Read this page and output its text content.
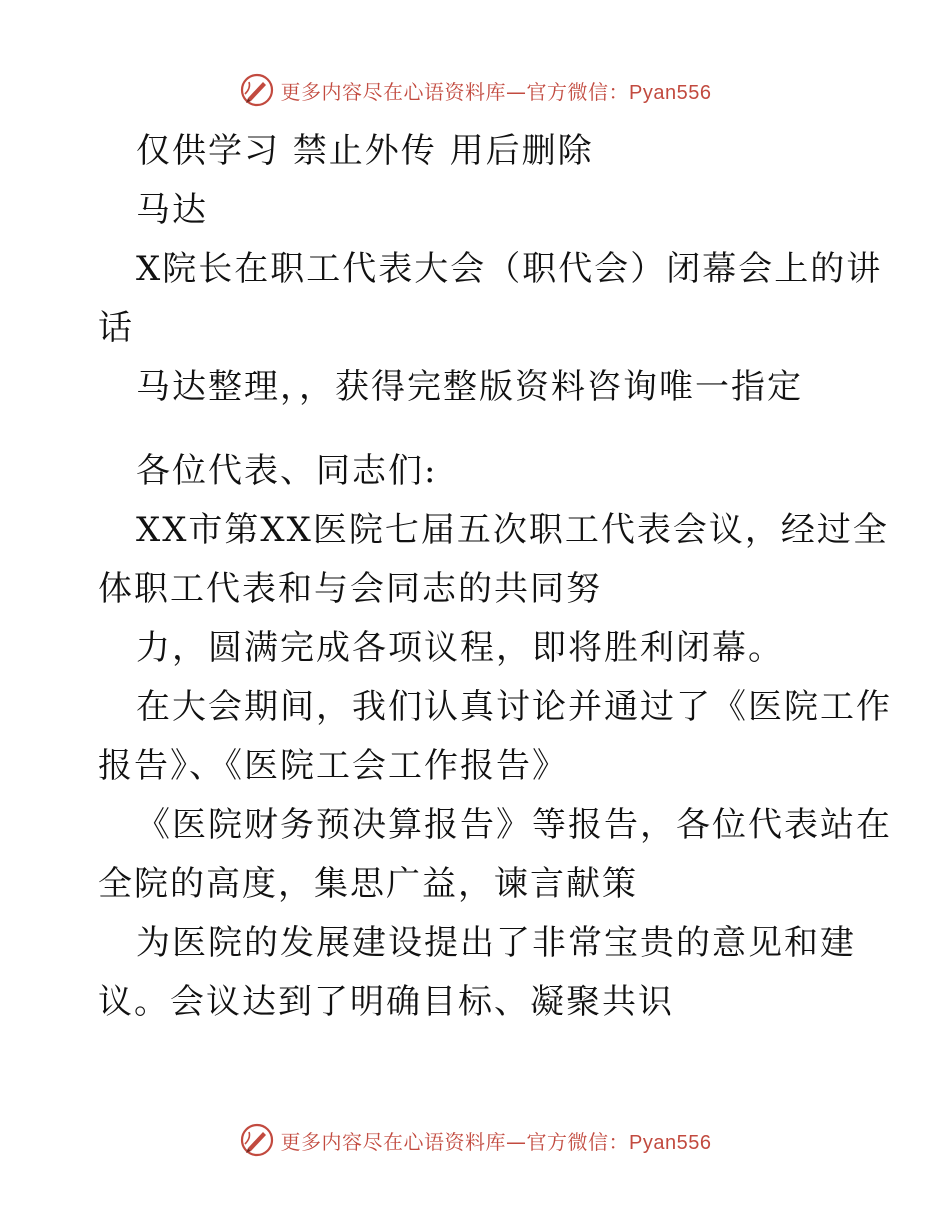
更多内容尽在心语资料库—官方微信：Pyan556

仅供学习 禁止外传 用后删除

马达

X院长在职工代表大会（职代会）闭幕会上的讲

话

马达整理，，获得完整版资料咨询唯一指定

各位代表、同志们:

XX市第XX医院七届五次职工代表会议，经过全

体职工代表和与会同志的共同努

力，圆满完成各项议程，即将胜利闭幕。

在大会期间，我们认真讨论并通过了《医院工作

报告》、《医院工会工作报告》

《医院财务预决算报告》等报告，各位代表站在

全院的高度，集思广益，谏言献策

为医院的发展建设提出了非常宝贵的意见和建

议。会议达到了明确目标、凝聚共识

更多内容尽在心语资料库—官方微信：Pyan556
